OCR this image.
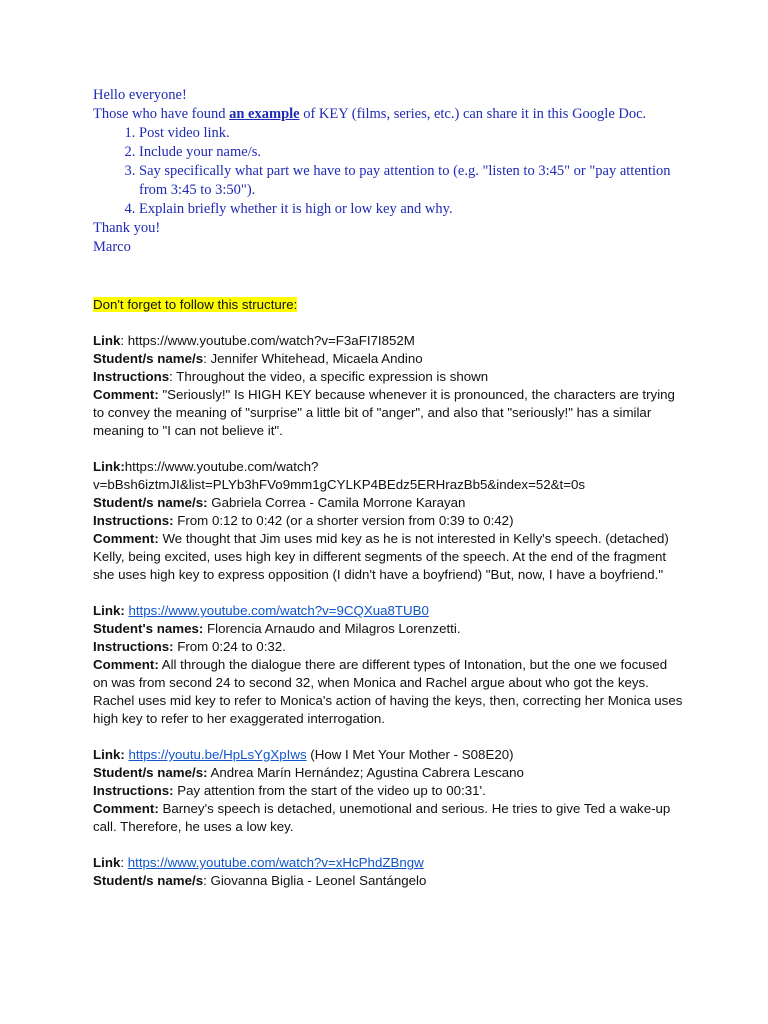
Hello everyone!

Those who have found an example of KEY (films, series, etc.) can share it in this Google Doc.

1. Post video link.
2. Include your name/s.
3. Say specifically what part we have to pay attention to (e.g. "listen to 3:45" or "pay attention from 3:45 to 3:50").
4. Explain briefly whether it is high or low key and why.

Thank you!

Marco

Don't forget to follow this structure:

Link: https://www.youtube.com/watch?v=F3aFI7I852M

Student/s name/s: Jennifer Whitehead, Micaela Andino

Instructions: Throughout the video, a specific expression is shown

Comment: "Seriously!" Is HIGH KEY because whenever it is pronounced, the characters are trying to convey the meaning of "surprise" a little bit of "anger", and also that "seriously!" has a similar meaning to "I can not believe it".

Link:https://www.youtube.com/watch?v=bBsh6iztmJI&list=PLYb3hFVo9mm1gCYLKP4BEdz5ERHrazBb5&index=52&t=0s

Student/s name/s: Gabriela Correa - Camila Morrone Karayan

Instructions: From 0:12 to 0:42 (or a shorter version from 0:39 to 0:42)

Comment: We thought that Jim uses mid key as he is not interested in Kelly's speech. (detached)

Kelly, being excited, uses high key in different segments of the speech. At the end of the fragment she uses high key to express opposition (I didn't have a boyfriend) "But, now, I have a boyfriend."

Link: https://www.youtube.com/watch?v=9CQXua8TUB0

Student's names: Florencia Arnaudo and Milagros Lorenzetti.

Instructions: From 0:24 to 0:32.

Comment: All through the dialogue there are different types of Intonation, but the one we focused on was from second 24 to second 32, when Monica and Rachel argue about who got the keys.

Rachel uses mid key to refer to Monica's action of having the keys, then, correcting her Monica uses high key to refer to her exaggerated interrogation.

Link: https://youtu.be/HpLsYgXpIws (How I Met Your Mother - S08E20)

Student/s name/s: Andrea Marín Hernández; Agustina Cabrera Lescano

Instructions: Pay attention from the start of the video up to 00:31'.

Comment: Barney's speech is detached, unemotional and serious. He tries to give Ted a wake-up call. Therefore, he uses a low key.

Link: https://www.youtube.com/watch?v=xHcPhdZBngw

Student/s name/s: Giovanna Biglia - Leonel Santángelo
